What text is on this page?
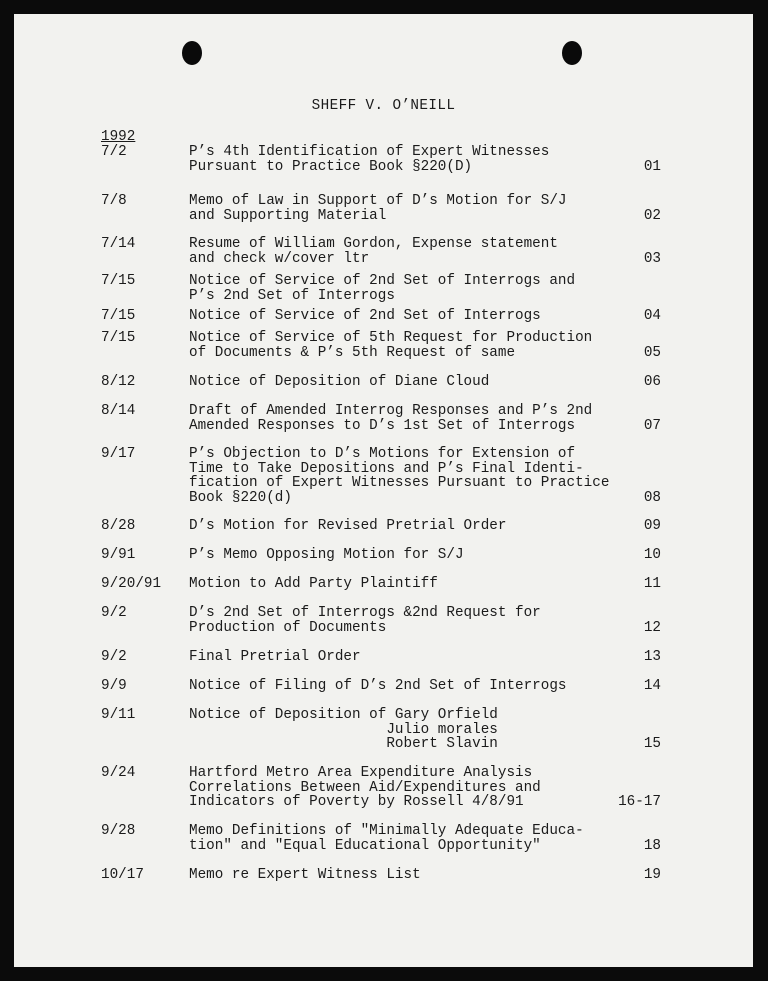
SHEFF V. O’NEILL
1992
7/2	P’s 4th Identification of Expert Witnesses
Pursuant to Practice Book §220(D)	01
7/8	Memo of Law in Support of D’s Motion for S/J
and Supporting Material	02
7/14	Resume of William Gordon, Expense statement
and check w/cover ltr	03
7/15	Notice of Service of 2nd Set of Interrogs and
P’s 2nd Set of Interrogs
7/15	Notice of Service of 2nd Set of Interrogs	04
7/15	Notice of Service of 5th Request for Production
of Documents & P’s 5th Request of same	05
8/12	Notice of Deposition of Diane Cloud	06
8/14	Draft of Amended Interrog Responses and P’s 2nd
Amended Responses to D’s 1st Set of Interrogs	07
9/17	P’s Objection to D’s Motions for Extension of
Time to Take Depositions and P’s Final Identi-
fication of Expert Witnesses Pursuant to Practice
Book §220(d)	08
8/28	D’s Motion for Revised Pretrial Order	09
9/91	P’s Memo Opposing Motion for S/J	10
9/20/91 Motion to Add Party Plaintiff	11
9/2	D’s 2nd Set of Interrogs &2nd Request for
Production of Documents	12
9/2	Final Pretrial Order	13
9/9	Notice of Filing of D’s 2nd Set of Interrogs	14
9/11	Notice of Deposition of Gary Orfield
Julio morales
Robert Slavin	15
9/24	Hartford Metro Area Expenditure Analysis
Correlations Between Aid/Expenditures and
Indicators of Poverty by Rossell 4/8/91	16-17
9/28	Memo Definitions of "Minimally Adequate Educa-
tion" and "Equal Educational Opportunity"	18
10/17	Memo re Expert Witness List	19
